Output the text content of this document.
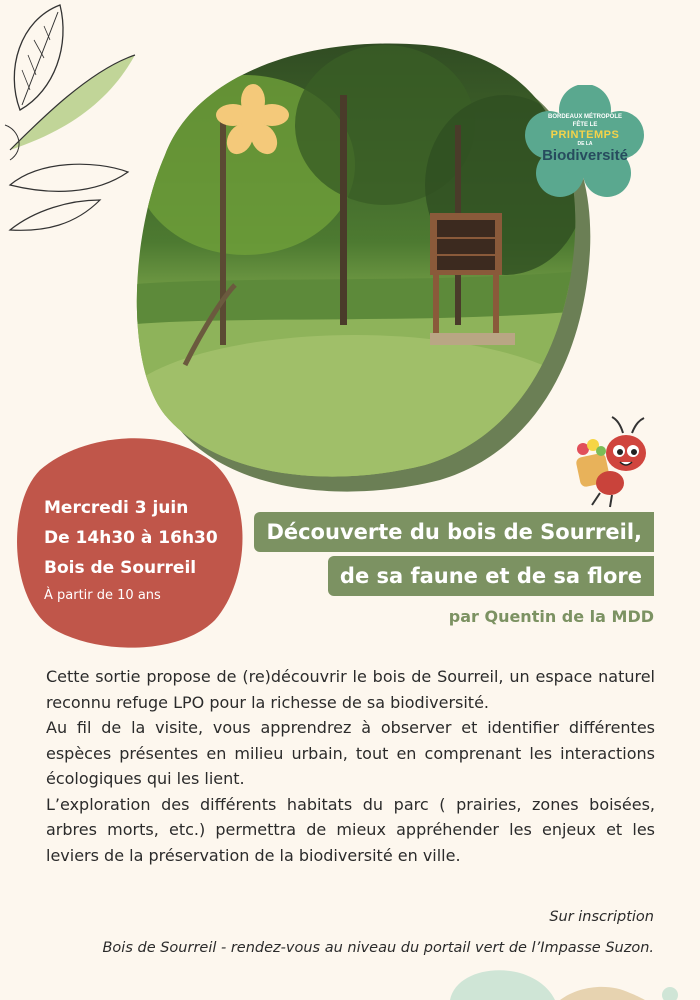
BORDEAUX MÉTROPOLE
FÊTE LE
PRINTEMPS
DE LA
Biodiversité
Mercredi 3 juin
De 14h30 à 16h30
Bois de Sourreil
À partir de 10 ans
Découverte du bois de Sourreil,
de sa faune et de sa flore
par Quentin de la MDD

Cette sortie propose de (re)découvrir le bois de Sourreil, un espace naturel reconnu refuge LPO pour la richesse de sa biodiversité.

Au fil de la visite, vous apprendrez à observer et identifier différentes espèces présentes en milieu urbain, tout en comprenant les interactions écologiques qui les lient.

L’exploration des différents habitats du parc ( prairies, zones boisées, arbres morts, etc.) permettra de mieux appréhender les enjeux et les leviers de la préservation de la biodiversité en ville.

Sur inscription
Bois de Sourreil - rendez-vous au niveau du portail vert de l’Impasse Suzon.
